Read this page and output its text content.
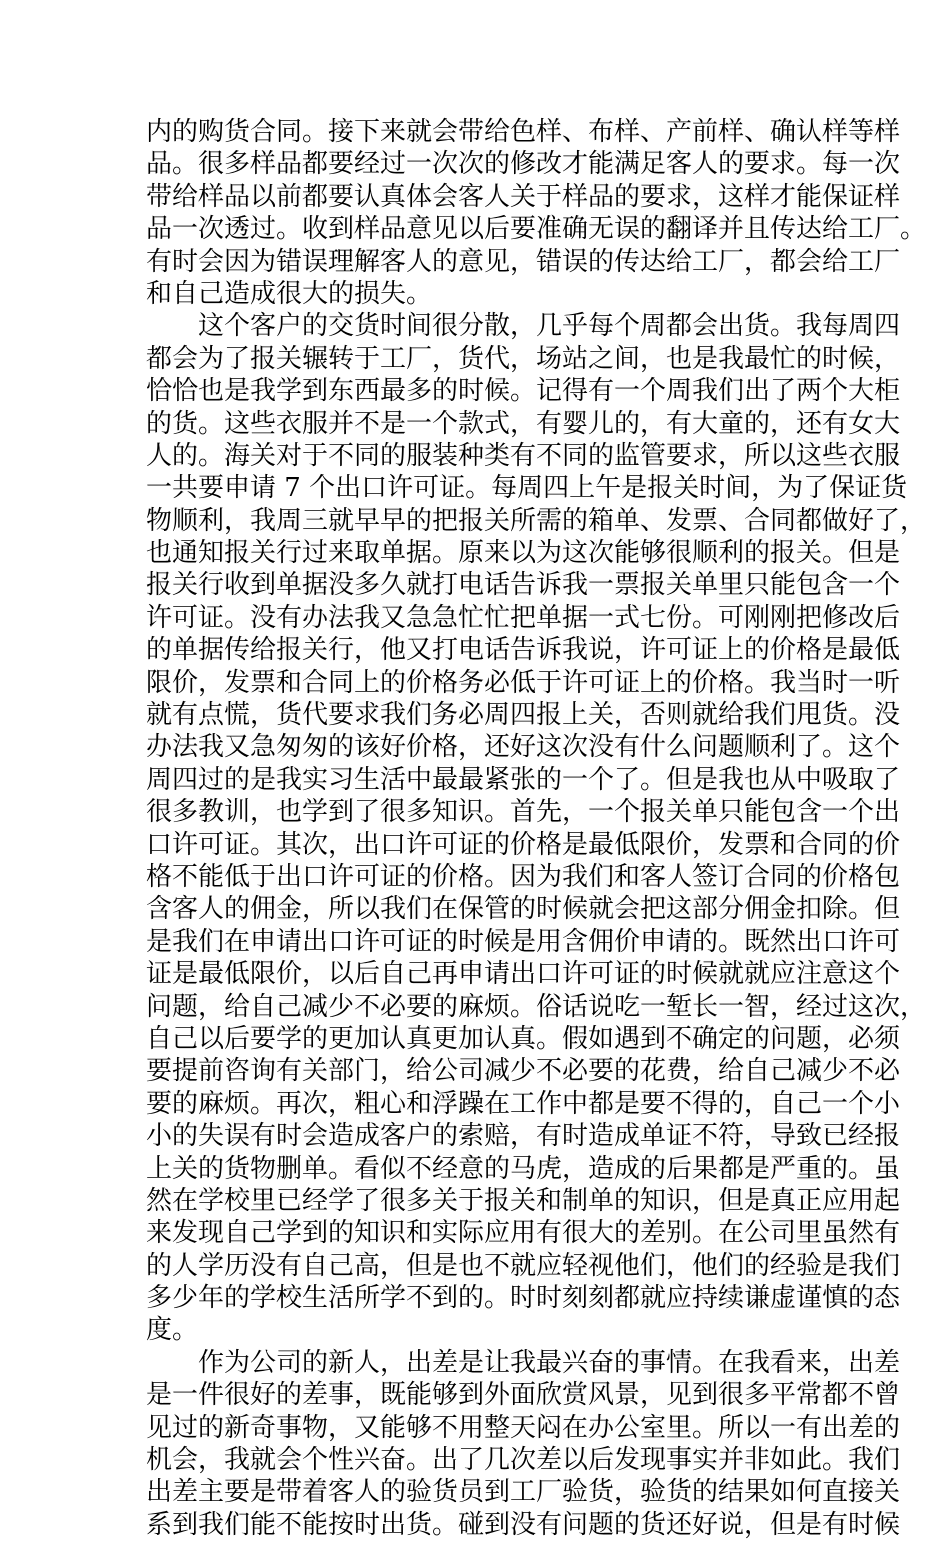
内的购货合同。接下来就会带给色样、布样、产前样、确认样等样
品。很多样品都要经过一次次的修改才能满足客人的要求。每一次
带给样品以前都要认真体会客人关于样品的要求，这样才能保证样
品一次透过。收到样品意见以后要准确无误的翻译并且传达给工厂。
有时会因为错误理解客人的意见，错误的传达给工厂，都会给工厂
和自己造成很大的损失。
这个客户的交货时间很分散，几乎每个周都会出货。我每周四
都会为了报关辗转于工厂，货代，场站之间，也是我最忙的时候，
恰恰也是我学到东西最多的时候。记得有一个周我们出了两个大柜
的货。这些衣服并不是一个款式，有婴儿的，有大童的，还有女大
人的。海关对于不同的服装种类有不同的监管要求，所以这些衣服
一共要申请 7 个出口许可证。每周四上午是报关时间，为了保证货
物顺利，我周三就早早的把报关所需的箱单、发票、合同都做好了，
也通知报关行过来取单据。原来以为这次能够很顺利的报关。但是
报关行收到单据没多久就打电话告诉我一票报关单里只能包含一个
许可证。没有办法我又急急忙忙把单据一式七份。可刚刚把修改后
的单据传给报关行，他又打电话告诉我说，许可证上的价格是最低
限价，发票和合同上的价格务必低于许可证上的价格。我当时一听
就有点慌，货代要求我们务必周四报上关，否则就给我们甩货。没
办法我又急匆匆的该好价格，还好这次没有什么问题顺利了。这个
周四过的是我实习生活中最最紧张的一个了。但是我也从中吸取了
很多教训，也学到了很多知识。首先，一个报关单只能包含一个出
口许可证。其次，出口许可证的价格是最低限价，发票和合同的价
格不能低于出口许可证的价格。因为我们和客人签订合同的价格包
含客人的佣金，所以我们在保管的时候就会把这部分佣金扣除。但
是我们在申请出口许可证的时候是用含佣价申请的。既然出口许可
证是最低限价，以后自己再申请出口许可证的时候就就应注意这个
问题，给自己减少不必要的麻烦。俗话说吃一堑长一智，经过这次，
自己以后要学的更加认真更加认真。假如遇到不确定的问题，必须
要提前咨询有关部门，给公司减少不必要的花费，给自己减少不必
要的麻烦。再次，粗心和浮躁在工作中都是要不得的，自己一个小
小的失误有时会造成客户的索赔，有时造成单证不符，导致已经报
上关的货物删单。看似不经意的马虎，造成的后果都是严重的。虽
然在学校里已经学了很多关于报关和制单的知识，但是真正应用起
来发现自己学到的知识和实际应用有很大的差别。在公司里虽然有
的人学历没有自己高，但是也不就应轻视他们，他们的经验是我们
多少年的学校生活所学不到的。时时刻刻都就应持续谦虚谨慎的态
度。
作为公司的新人，出差是让我最兴奋的事情。在我看来，出差
是一件很好的差事，既能够到外面欣赏风景，见到很多平常都不曾
见过的新奇事物，又能够不用整天闷在办公室里。所以一有出差的
机会，我就会个性兴奋。出了几次差以后发现事实并非如此。我们
出差主要是带着客人的验货员到工厂验货，验货的结果如何直接关
系到我们能不能按时出货。碰到没有问题的货还好说，但是有时候
